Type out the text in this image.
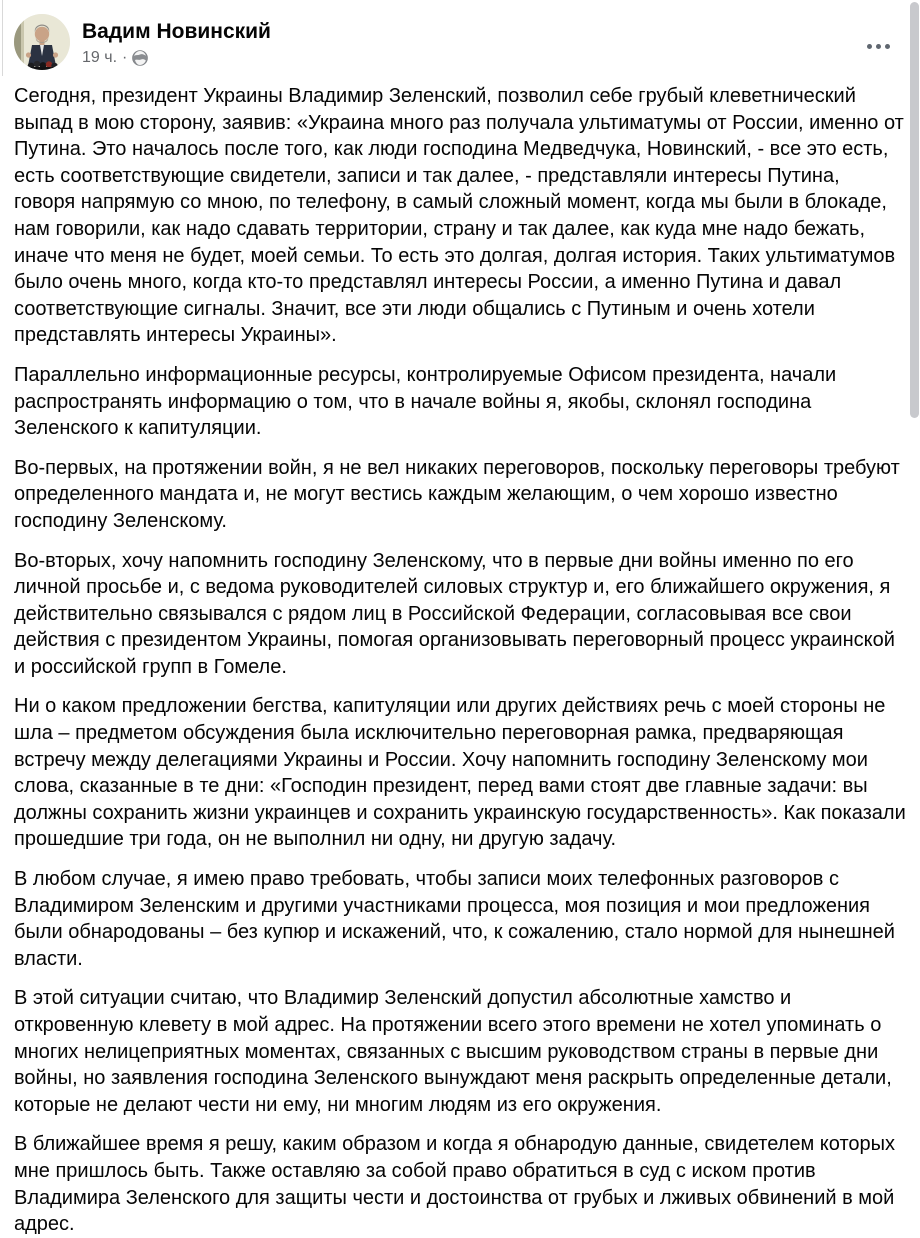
Вадим Новинский
19 ч. ·

Сегодня, президент Украины Владимир Зеленский, позволил себе грубый клеветнический выпад в мою сторону, заявив: «Украина много раз получала ультиматумы от России, именно от Путина. Это началось после того, как люди господина Медведчука, Новинский, - все это есть, есть соответствующие свидетели, записи и так далее, - представляли интересы Путина, говоря напрямую со мною, по телефону, в самый сложный момент, когда мы были в блокаде, нам говорили, как надо сдавать территории, страну и так далее, как куда мне надо бежать, иначе что меня не будет, моей семьи. То есть это долгая, долгая история. Таких ультиматумов было очень много, когда кто-то представлял интересы России, а именно Путина и давал соответствующие сигналы. Значит, все эти люди общались с Путиным и очень хотели представлять интересы Украины».

Параллельно информационные ресурсы, контролируемые Офисом президента, начали распространять информацию о том, что в начале войны я, якобы, склонял господина Зеленского к капитуляции.

Во-первых, на протяжении войн, я не вел никаких переговоров, поскольку переговоры требуют определенного мандата и, не могут вестись каждым желающим, о чем хорошо известно господину Зеленскому.

Во-вторых, хочу напомнить господину Зеленскому, что в первые дни войны именно по его личной просьбе и, с ведома руководителей силовых структур и, его ближайшего окружения, я действительно связывался с рядом лиц в Российской Федерации, согласовывая все свои действия с президентом Украины, помогая организовывать переговорный процесс украинской и российской групп в Гомеле.

Ни о каком предложении бегства, капитуляции или других действиях речь с моей стороны не шла – предметом обсуждения была исключительно переговорная рамка, предваряющая встречу между делегациями Украины и России. Хочу напомнить господину Зеленскому мои слова, сказанные в те дни: «Господин президент, перед вами стоят две главные задачи: вы должны сохранить жизни украинцев и сохранить украинскую государственность». Как показали прошедшие три года, он не выполнил ни одну, ни другую задачу.

В любом случае, я имею право требовать, чтобы записи моих телефонных разговоров с Владимиром Зеленским и другими участниками процесса, моя позиция и мои предложения были обнародованы – без купюр и искажений, что, к сожалению, стало нормой для нынешней власти.

В этой ситуации считаю, что Владимир Зеленский допустил абсолютные хамство и откровенную клевету в мой адрес. На протяжении всего этого времени не хотел упоминать о многих нелицеприятных моментах, связанных с высшим руководством страны в первые дни войны, но заявления господина Зеленского вынуждают меня раскрыть определенные детали, которые не делают чести ни ему, ни многим людям из его окружения.

В ближайшее время я решу, каким образом и когда я обнародую данные, свидетелем которых мне пришлось быть. Также оставляю за собой право обратиться в суд с иском против Владимира Зеленского для защиты чести и достоинства от грубых и лживых обвинений в мой адрес.
